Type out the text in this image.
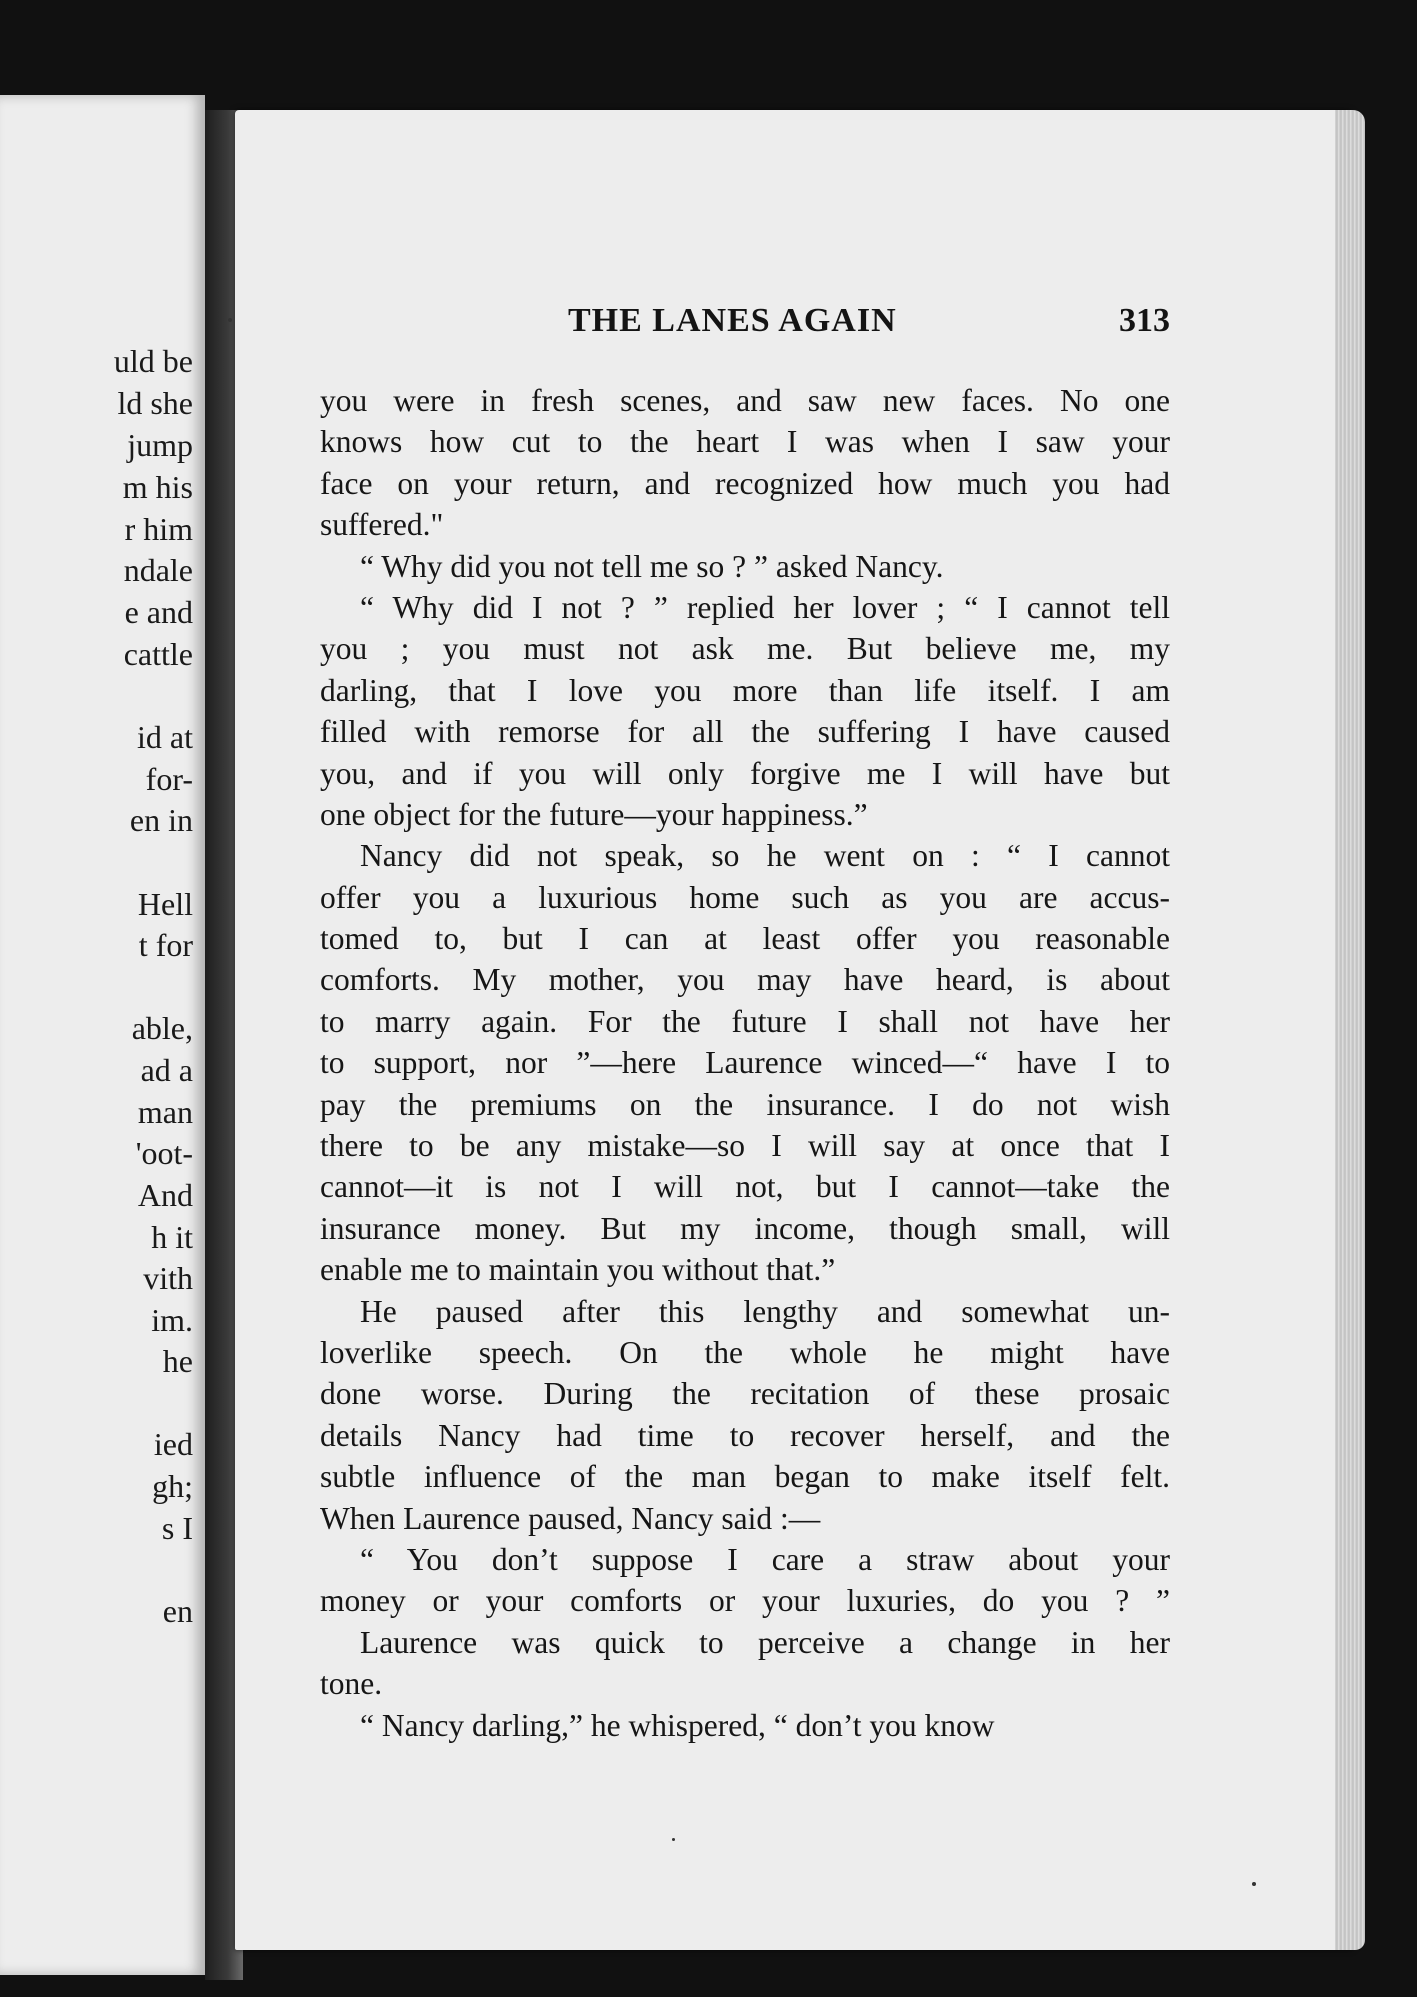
uld be
ld she
jump
m his
r him
ndale
e and
cattle
id at
for-
en in
Hell
t for
able,
ad a
man
'oot-
And
h it
vith
im.
he
ied
gh;
s I
en
THE LANES AGAIN	313
you were in fresh scenes, and saw new faces. No one
knows how cut to the heart I was when I saw your
face on your return, and recognized how much you had
suffered."
“ Why did you not tell me so ? ” asked Nancy.
“ Why did I not ? ” replied her lover ; “ I cannot tell
you ; you must not ask me. But believe me, my
darling, that I love you more than life itself. I am
filled with remorse for all the suffering I have caused
you, and if you will only forgive me I will have but
one object for the future—your happiness.”
Nancy did not speak, so he went on : “ I cannot
offer you a luxurious home such as you are accus-
tomed to, but I can at least offer you reasonable
comforts. My mother, you may have heard, is about
to marry again. For the future I shall not have her
to support, nor ”—here Laurence winced—“ have I to
pay the premiums on the insurance. I do not wish
there to be any mistake—so I will say at once that I
cannot—it is not I will not, but I cannot—take the
insurance money. But my income, though small, will
enable me to maintain you without that.”
He paused after this lengthy and somewhat un-
loverlike speech. On the whole he might have
done worse. During the recitation of these prosaic
details Nancy had time to recover herself, and the
subtle influence of the man began to make itself felt.
When Laurence paused, Nancy said :—
“ You don’t suppose I care a straw about your
money or your comforts or your luxuries, do you ? ”
Laurence was quick to perceive a change in her
tone.
“ Nancy darling,” he whispered, “ don’t you know
